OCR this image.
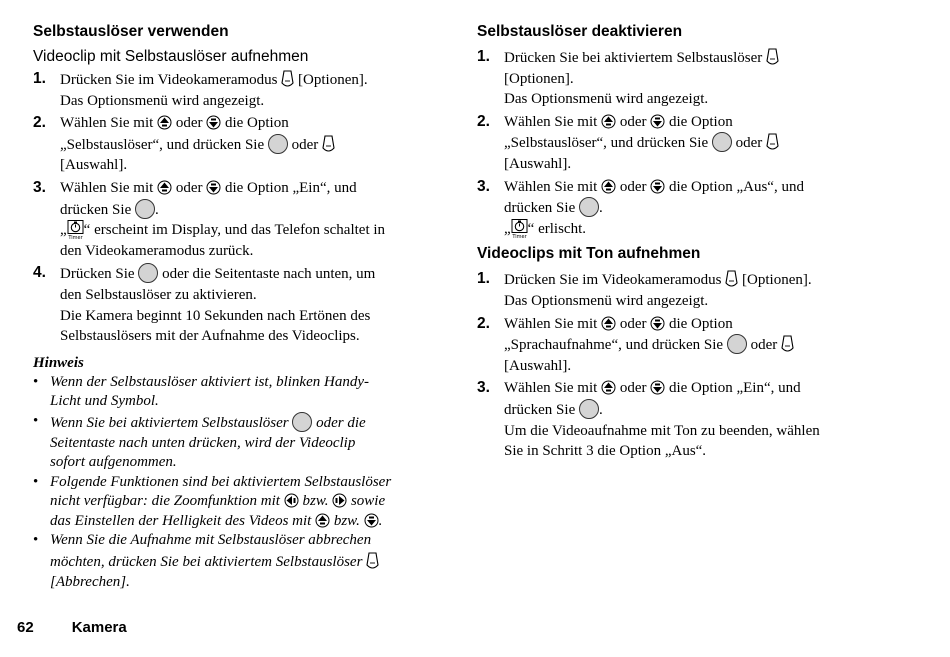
Selbstauslöser verwenden
Videoclip mit Selbstauslöser aufnehmen
1. Drücken Sie im Videokameramodus [Optionen].
Das Optionsmenü wird angezeigt.
2. Wählen Sie mit oder die Option
„Selbstauslöser“, und drücken Sie oder
[Auswahl].
3. Wählen Sie mit oder die Option „Ein“, und
drücken Sie .
„ Timer “ erscheint im Display, und das Telefon schaltet in
den Videokameramodus zurück.
4. Drücken Sie oder die Seitentaste nach unten, um
den Selbstauslöser zu aktivieren.
Die Kamera beginnt 10 Sekunden nach Ertönen des
Selbstauslösers mit der Aufnahme des Videoclips.
Hinweis
• Wenn der Selbstauslöser aktiviert ist, blinken Handy-
Licht und Symbol.
• Wenn Sie bei aktiviertem Selbstauslöser oder die
Seitentaste nach unten drücken, wird der Videoclip
sofort aufgenommen.
• Folgende Funktionen sind bei aktiviertem Selbstauslöser
nicht verfügbar: die Zoomfunktion mit bzw. sowie
das Einstellen der Helligkeit des Videos mit bzw. .
• Wenn Sie die Aufnahme mit Selbstauslöser abbrechen
möchten, drücken Sie bei aktiviertem Selbstauslöser
[Abbrechen].
Selbstauslöser deaktivieren
1. Drücken Sie bei aktiviertem Selbstauslöser
[Optionen].
Das Optionsmenü wird angezeigt.
2. Wählen Sie mit oder die Option
„Selbstauslöser“, und drücken Sie oder
[Auswahl].
3. Wählen Sie mit oder die Option „Aus“, und
drücken Sie .
„ Timer “ erlischt.
Videoclips mit Ton aufnehmen
1. Drücken Sie im Videokameramodus [Optionen].
Das Optionsmenü wird angezeigt.
2. Wählen Sie mit oder die Option
„Sprachaufnahme“, und drücken Sie oder
[Auswahl].
3. Wählen Sie mit oder die Option „Ein“, und
drücken Sie .
Um die Videoaufnahme mit Ton zu beenden, wählen
Sie in Schritt 3 die Option „Aus“.
62	Kamera
